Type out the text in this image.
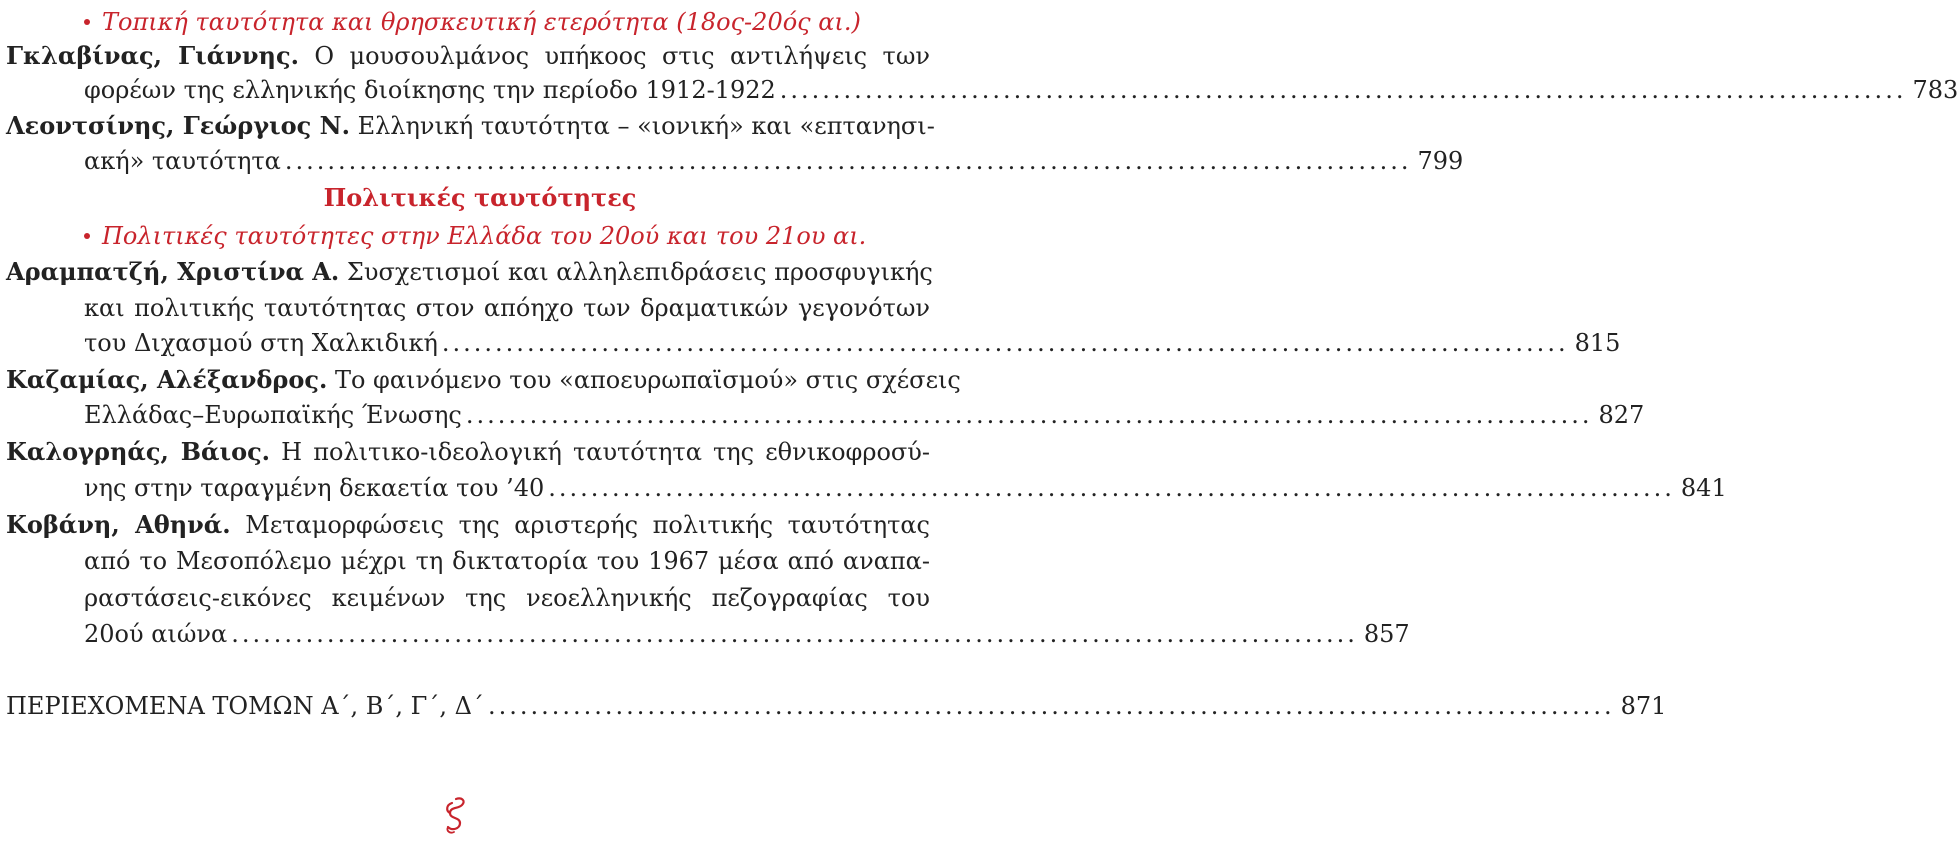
Τοπική ταυτότητα και θρησκευτική ετερότητα (18ος-20ός αι.)
Γκλαβίνας, Γιάννης. Ο μουσουλμάνος υπήκοος στις αντιλήψεις των
φορέων της ελληνικής διοίκησης την περίοδο 1912-1922 .......................................................................................................... 783
Λεοντσίνης, Γεώργιος Ν. Ελληνική ταυτότητα – «ιονική» και «επτανησι-
ακή» ταυτότητα .......................................................................................................... 799
Πολιτικές ταυτότητες
Πολιτικές ταυτότητες στην Ελλάδα του 20ού και του 21ου αι.
Αραμπατζή, Χριστίνα Α. Συσχετισμοί και αλληλεπιδράσεις προσφυγικής
και πολιτικής ταυτότητας στον απόηχο των δραματικών γεγονότων
του Διχασμού στη Χαλκιδική .......................................................................................................... 815
Καζαμίας, Αλέξανδρος. Το φαινόμενο του «αποευρωπαϊσμού» στις σχέσεις
Ελλάδας–Ευρωπαϊκής Ένωσης .......................................................................................................... 827
Καλογρηάς, Βάιος. Η πολιτικο-ιδεολογική ταυτότητα της εθνικοφροσύ-
νης στην ταραγμένη δεκαετία του ’40 .......................................................................................................... 841
Κοβάνη, Αθηνά. Μεταμορφώσεις της αριστερής πολιτικής ταυτότητας
από το Μεσοπόλεμο μέχρι τη δικτατορία του 1967 μέσα από αναπα-
ραστάσεις-εικόνες κειμένων της νεοελληνικής πεζογραφίας του
20ού αιώνα .......................................................................................................... 857
ΠΕΡΙΕΧΟΜΕΝΑ ΤΟΜΩΝ Α΄, Β΄, Γ΄, Δ΄ .......................................................................................................... 871
